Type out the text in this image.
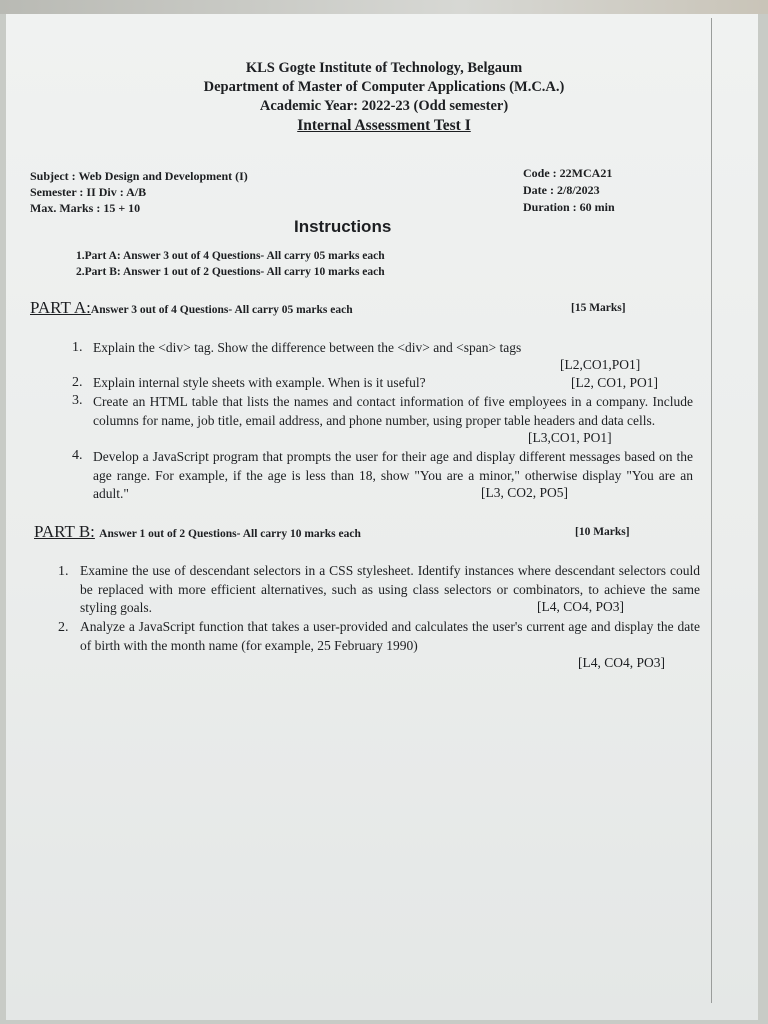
KLS Gogte Institute of Technology, Belgaum
Department of Master of Computer Applications (M.C.A.)
Academic Year: 2022-23 (Odd semester)
Internal Assessment Test I
Subject : Web Design and Development (I)
Semester : II Div : A/B
Max. Marks : 15 + 10
Code : 22MCA21
Date : 2/8/2023
Duration : 60 min
Instructions
1.Part A: Answer 3 out of 4 Questions- All carry 05 marks each
2.Part B: Answer 1 out of 2 Questions- All carry 10 marks each
PART A:Answer 3 out of 4 Questions- All carry 05 marks each	[15 Marks]
1. Explain the <div> tag. Show the difference between the <div> and <span> tags
[L2,CO1,PO1]
2. Explain internal style sheets with example. When is it useful?	[L2, CO1, PO1]
3. Create an HTML table that lists the names and contact information of five employees in a company. Include columns for name, job title, email address, and phone number, using proper table headers and data cells.
[L3,CO1, PO1]
4. Develop a JavaScript program that prompts the user for their age and display different messages based on the age range. For example, if the age is less than 18, show "You are a minor," otherwise display "You are an adult."	[L3, CO2, PO5]
PART B: Answer 1 out of 2 Questions- All carry 10 marks each	[10 Marks]
1. Examine the use of descendant selectors in a CSS stylesheet. Identify instances where descendant selectors could be replaced with more efficient alternatives, such as using class selectors or combinators, to achieve the same styling goals.	[L4, CO4, PO3]
2. Analyze a JavaScript function that takes a user-provided and calculates the user's current age and display the date of birth with the month name (for example, 25 February 1990)
[L4, CO4, PO3]
